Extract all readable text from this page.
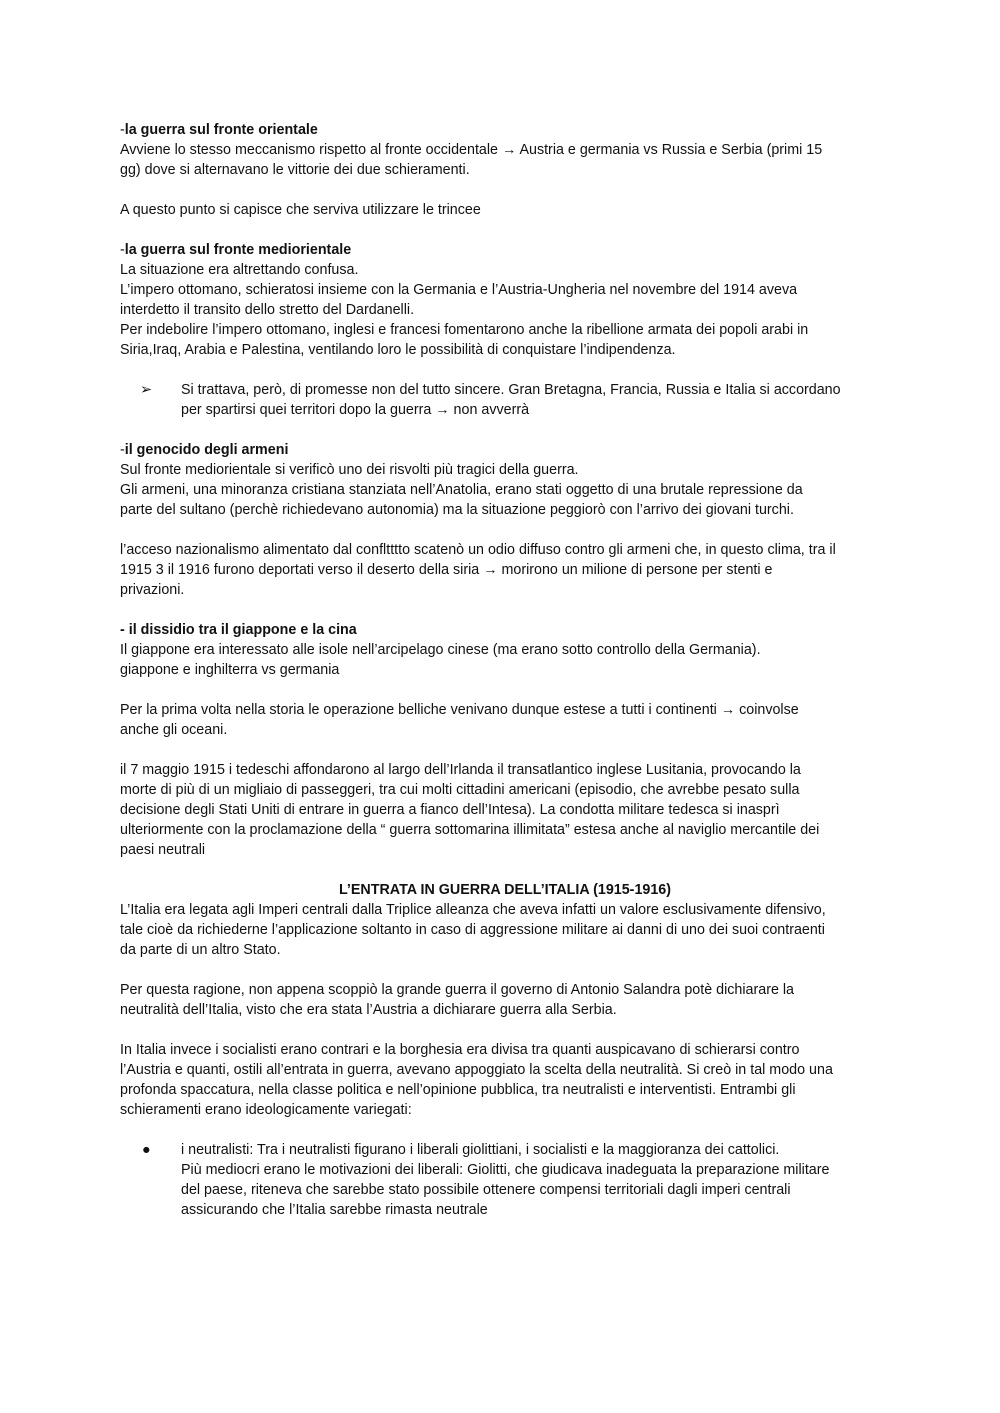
-la guerra sul fronte orientale

Avviene lo stesso meccanismo rispetto al fronte occidentale → Austria e germania vs Russia e Serbia (primi 15

gg) dove si alternavano le vittorie dei due schieramenti.

A questo punto si capisce che serviva utilizzare le trincee

-la guerra sul fronte mediorientale

La situazione era altrettando confusa.

L’impero ottomano, schieratosi insieme con la Germania e l’Austria-Ungheria nel novembre del 1914 aveva

interdetto il transito dello stretto del Dardanelli.

Per indebolire l’impero ottomano, inglesi e francesi fomentarono anche la ribellione armata dei popoli arabi in

Siria,Iraq, Arabia e Palestina, ventilando loro le possibilità di conquistare l’indipendenza.

➢	Si trattava, però, di promesse non del tutto sincere. Gran Bretagna, Francia, Russia e Italia si accordano

per spartirsi quei territori dopo la guerra → non avverrà

-il genocido degli armeni

Sul fronte mediorientale si verificò uno dei risvolti più tragici della guerra.

Gli armeni, una minoranza cristiana stanziata nell’Anatolia, erano stati oggetto di una brutale repressione da

parte del sultano (perchè richiedevano autonomia) ma la situazione peggiorò con l’arrivo dei giovani turchi.

l’acceso nazionalismo alimentato dal confltttto scatenò un odio diffuso contro gli armeni che, in questo clima, tra il

1915 3 il 1916 furono deportati verso il deserto della siria → morirono un milione di persone per stenti e

privazioni.

- il dissidio tra il giappone e la cina

Il giappone era interessato alle isole nell’arcipelago cinese (ma erano sotto controllo della Germania).

giappone e inghilterra vs germania

Per la prima volta nella storia le operazione belliche venivano dunque estese a tutti i continenti → coinvolse

anche gli oceani.

il 7 maggio 1915 i tedeschi affondarono al largo dell’Irlanda il transatlantico inglese Lusitania, provocando la

morte di più di un migliaio di passeggeri, tra cui molti cittadini americani (episodio, che avrebbe pesato sulla

decisione degli Stati Uniti di entrare in guerra a fianco dell’Intesa). La condotta militare tedesca si inasprì

ulteriormente con la proclamazione della “ guerra sottomarina illimitata” estesa anche al naviglio mercantile dei

paesi neutrali

L’ENTRATA IN GUERRA DELL’ITALIA (1915-1916)

L’Italia era legata agli Imperi centrali dalla Triplice alleanza che aveva infatti un valore esclusivamente difensivo,

tale cioè da richiederne l’applicazione soltanto in caso di aggressione militare ai danni di uno dei suoi contraenti

da parte di un altro Stato.

Per questa ragione, non appena scoppiò la grande guerra il governo di Antonio Salandra potè dichiarare la

neutralità dell’Italia, visto che era stata l’Austria a dichiarare guerra alla Serbia.

In Italia invece i socialisti erano contrari e la borghesia era divisa tra quanti auspicavano di schierarsi contro

l’Austria e quanti, ostili all’entrata in guerra, avevano appoggiato la scelta della neutralità. Si creò in tal modo una

profonda spaccatura, nella classe politica e nell’opinione pubblica, tra neutralisti e interventisti. Entrambi gli

schieramenti erano ideologicamente variegati:

●	i neutralisti: Tra i neutralisti figurano i liberali giolittiani, i socialisti e la maggioranza dei cattolici.

Più mediocri erano le motivazioni dei liberali: Giolitti, che giudicava inadeguata la preparazione militare

del paese, riteneva che sarebbe stato possibile ottenere compensi territoriali dagli imperi centrali

assicurando che l’Italia sarebbe rimasta neutrale
